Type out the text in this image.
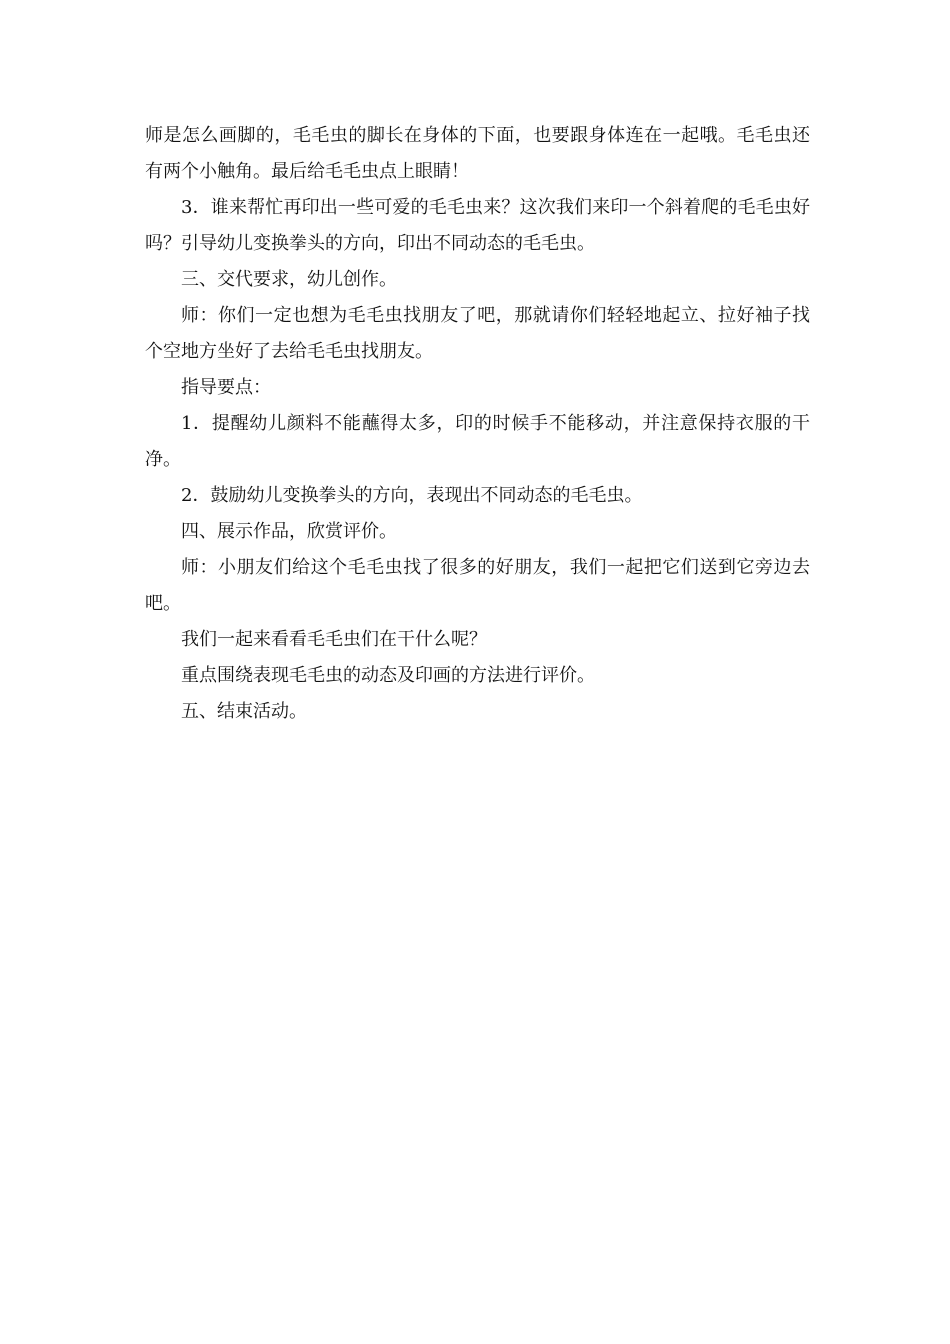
师是怎么画脚的，毛毛虫的脚长在身体的下面，也要跟身体连在一起哦。毛毛虫还有两个小触角。最后给毛毛虫点上眼睛！

3．谁来帮忙再印出一些可爱的毛毛虫来？这次我们来印一个斜着爬的毛毛虫好吗？引导幼儿变换拳头的方向，印出不同动态的毛毛虫。

三、交代要求，幼儿创作。

师：你们一定也想为毛毛虫找朋友了吧，那就请你们轻轻地起立、拉好袖子找个空地方坐好了去给毛毛虫找朋友。

指导要点：

1．提醒幼儿颜料不能蘸得太多，印的时候手不能移动，并注意保持衣服的干净。

2．鼓励幼儿变换拳头的方向，表现出不同动态的毛毛虫。

四、展示作品，欣赏评价。

师：小朋友们给这个毛毛虫找了很多的好朋友，我们一起把它们送到它旁边去吧。

我们一起来看看毛毛虫们在干什么呢？

重点围绕表现毛毛虫的动态及印画的方法进行评价。

五、结束活动。
